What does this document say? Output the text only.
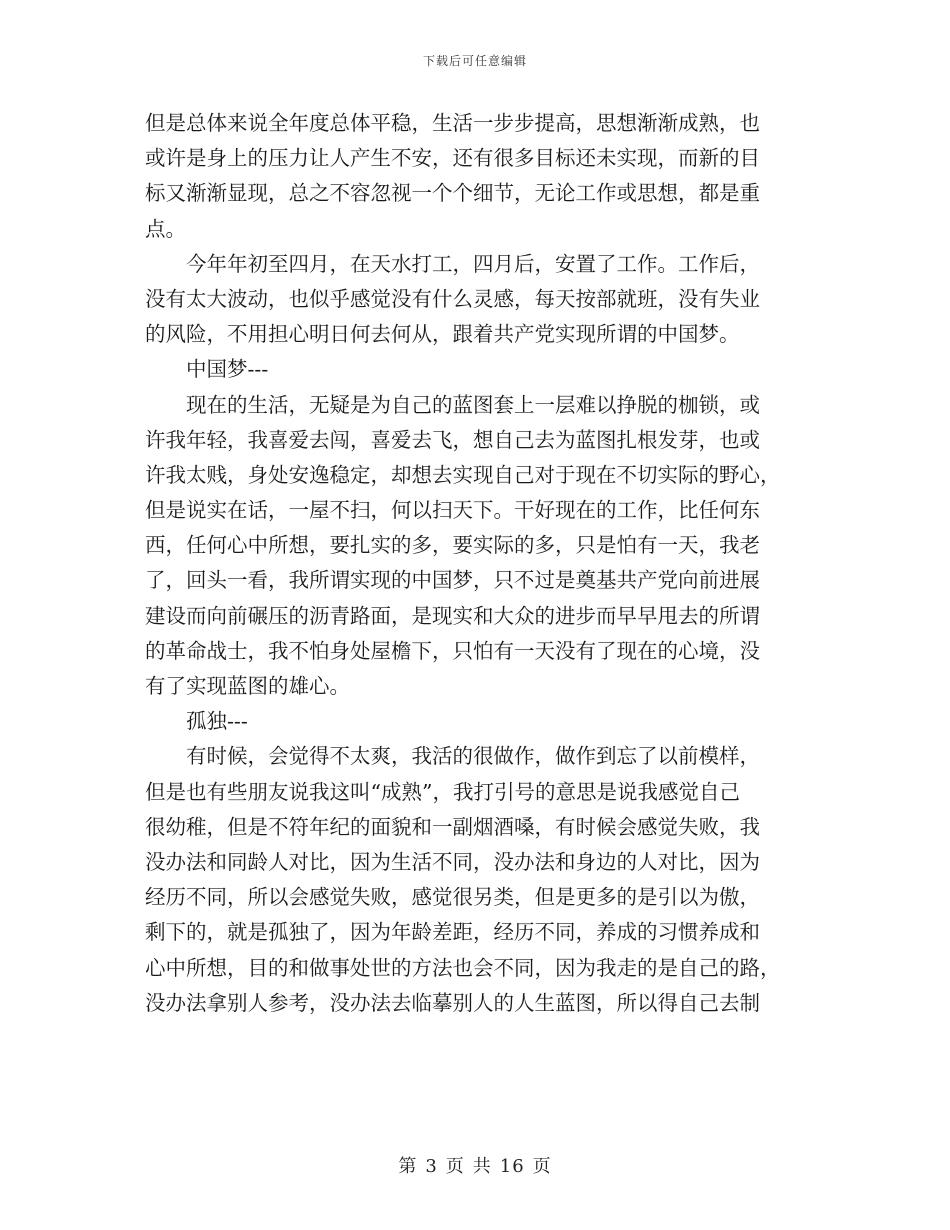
下载后可任意编辑
但是总体来说全年度总体平稳，生活一步步提高，思想渐渐成熟，也
或许是身上的压力让人产生不安，还有很多目标还未实现，而新的目
标又渐渐显现，总之不容忽视一个个细节，无论工作或思想，都是重
点。
今年年初至四月，在天水打工，四月后，安置了工作。工作后，
没有太大波动，也似乎感觉没有什么灵感，每天按部就班，没有失业
的风险，不用担心明日何去何从，跟着共产党实现所谓的中国梦。
中国梦---
现在的生活，无疑是为自己的蓝图套上一层难以挣脱的枷锁，或
许我年轻，我喜爱去闯，喜爱去飞，想自己去为蓝图扎根发芽，也或
许我太贱，身处安逸稳定，却想去实现自己对于现在不切实际的野心，
但是说实在话，一屋不扫，何以扫天下。干好现在的工作，比任何东
西，任何心中所想，要扎实的多，要实际的多，只是怕有一天，我老
了，回头一看，我所谓实现的中国梦，只不过是奠基共产党向前进展
建设而向前碾压的沥青路面，是现实和大众的进步而早早甩去的所谓
的革命战士，我不怕身处屋檐下，只怕有一天没有了现在的心境，没
有了实现蓝图的雄心。
孤独---
有时候，会觉得不太爽，我活的很做作，做作到忘了以前模样，
但是也有些朋友说我这叫“成熟”，我打引号的意思是说我感觉自己
很幼稚，但是不符年纪的面貌和一副烟酒嗓，有时候会感觉失败，我
没办法和同龄人对比，因为生活不同，没办法和身边的人对比，因为
经历不同，所以会感觉失败，感觉很另类，但是更多的是引以为傲，
剩下的，就是孤独了，因为年龄差距，经历不同，养成的习惯养成和
心中所想，目的和做事处世的方法也会不同，因为我走的是自己的路，
没办法拿别人参考，没办法去临摹别人的人生蓝图，所以得自己去制
第 3 页 共 16 页
